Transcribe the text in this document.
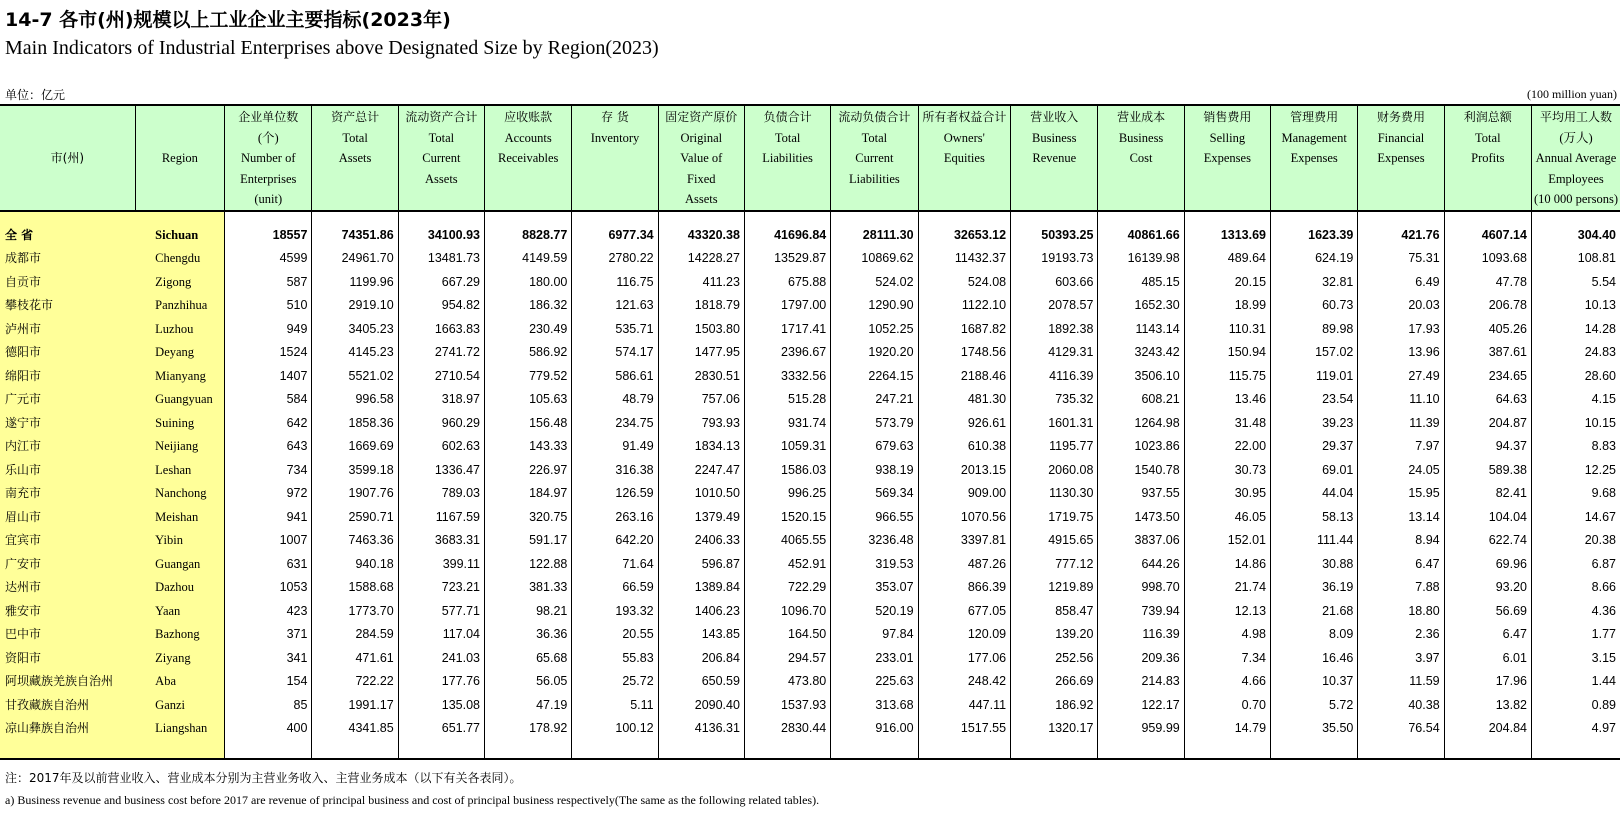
14-7 各市(州)规模以上工业企业主要指标(2023年)
Main Indicators of Industrial Enterprises above Designated Size by Region(2023)
单位：亿元	(100 million yuan)
市(州)	Region	企业单位数
(个)
Number of
Enterprises
(unit)	资产总计
Total
Assets	流动资产合计
Total
Current
Assets	应收账款
Accounts
Receivables	存 货
Inventory	固定资产原价
Original
Value of
Fixed
Assets	负债合计
Total
Liabilities	流动负债合计
Total
Current
Liabilities	所有者权益合计
Owners'
Equities	营业收入
Business
Revenue	营业成本
Business
Cost	销售费用
Selling
Expenses	管理费用
Management
Expenses	财务费用
Financial
Expenses	利润总额
Total
Profits	平均用工人数
(万人)
Annual Average
Employees
(10 000 persons)

全 省	Sichuan	18557	74351.86	34100.93	8828.77	6977.34	43320.38	41696.84	28111.30	32653.12	50393.25	40861.66	1313.69	1623.39	421.76	4607.14	304.40
成都市	Chengdu	4599	24961.70	13481.73	4149.59	2780.22	14228.27	13529.87	10869.62	11432.37	19193.73	16139.98	489.64	624.19	75.31	1093.68	108.81
自贡市	Zigong	587	1199.96	667.29	180.00	116.75	411.23	675.88	524.02	524.08	603.66	485.15	20.15	32.81	6.49	47.78	5.54
攀枝花市	Panzhihua	510	2919.10	954.82	186.32	121.63	1818.79	1797.00	1290.90	1122.10	2078.57	1652.30	18.99	60.73	20.03	206.78	10.13
泸州市	Luzhou	949	3405.23	1663.83	230.49	535.71	1503.80	1717.41	1052.25	1687.82	1892.38	1143.14	110.31	89.98	17.93	405.26	14.28
德阳市	Deyang	1524	4145.23	2741.72	586.92	574.17	1477.95	2396.67	1920.20	1748.56	4129.31	3243.42	150.94	157.02	13.96	387.61	24.83
绵阳市	Mianyang	1407	5521.02	2710.54	779.52	586.61	2830.51	3332.56	2264.15	2188.46	4116.39	3506.10	115.75	119.01	27.49	234.65	28.60
广元市	Guangyuan	584	996.58	318.97	105.63	48.79	757.06	515.28	247.21	481.30	735.32	608.21	13.46	23.54	11.10	64.63	4.15
遂宁市	Suining	642	1858.36	960.29	156.48	234.75	793.93	931.74	573.79	926.61	1601.31	1264.98	31.48	39.23	11.39	204.87	10.15
内江市	Neijiang	643	1669.69	602.63	143.33	91.49	1834.13	1059.31	679.63	610.38	1195.77	1023.86	22.00	29.37	7.97	94.37	8.83
乐山市	Leshan	734	3599.18	1336.47	226.97	316.38	2247.47	1586.03	938.19	2013.15	2060.08	1540.78	30.73	69.01	24.05	589.38	12.25
南充市	Nanchong	972	1907.76	789.03	184.97	126.59	1010.50	996.25	569.34	909.00	1130.30	937.55	30.95	44.04	15.95	82.41	9.68
眉山市	Meishan	941	2590.71	1167.59	320.75	263.16	1379.49	1520.15	966.55	1070.56	1719.75	1473.50	46.05	58.13	13.14	104.04	14.67
宜宾市	Yibin	1007	7463.36	3683.31	591.17	642.20	2406.33	4065.55	3236.48	3397.81	4915.65	3837.06	152.01	111.44	8.94	622.74	20.38
广安市	Guangan	631	940.18	399.11	122.88	71.64	596.87	452.91	319.53	487.26	777.12	644.26	14.86	30.88	6.47	69.96	6.87
达州市	Dazhou	1053	1588.68	723.21	381.33	66.59	1389.84	722.29	353.07	866.39	1219.89	998.70	21.74	36.19	7.88	93.20	8.66
雅安市	Yaan	423	1773.70	577.71	98.21	193.32	1406.23	1096.70	520.19	677.05	858.47	739.94	12.13	21.68	18.80	56.69	4.36
巴中市	Bazhong	371	284.59	117.04	36.36	20.55	143.85	164.50	97.84	120.09	139.20	116.39	4.98	8.09	2.36	6.47	1.77
资阳市	Ziyang	341	471.61	241.03	65.68	55.83	206.84	294.57	233.01	177.06	252.56	209.36	7.34	16.46	3.97	6.01	3.15
阿坝藏族羌族自治州	Aba	154	722.22	177.76	56.05	25.72	650.59	473.80	225.63	248.42	266.69	214.83	4.66	10.37	11.59	17.96	1.44
甘孜藏族自治州	Ganzi	85	1991.17	135.08	47.19	5.11	2090.40	1537.93	313.68	447.11	186.92	122.17	0.70	5.72	40.38	13.82	0.89
凉山彝族自治州	Liangshan	400	4341.85	651.77	178.92	100.12	4136.31	2830.44	916.00	1517.55	1320.17	959.99	14.79	35.50	76.54	204.84	4.97

注：2017年及以前营业收入、营业成本分别为主营业务收入、主营业务成本（以下有关各表同）。
a) Business revenue and business cost before 2017 are revenue of principal business and cost of principal business respectively(The same as the following related tables).
